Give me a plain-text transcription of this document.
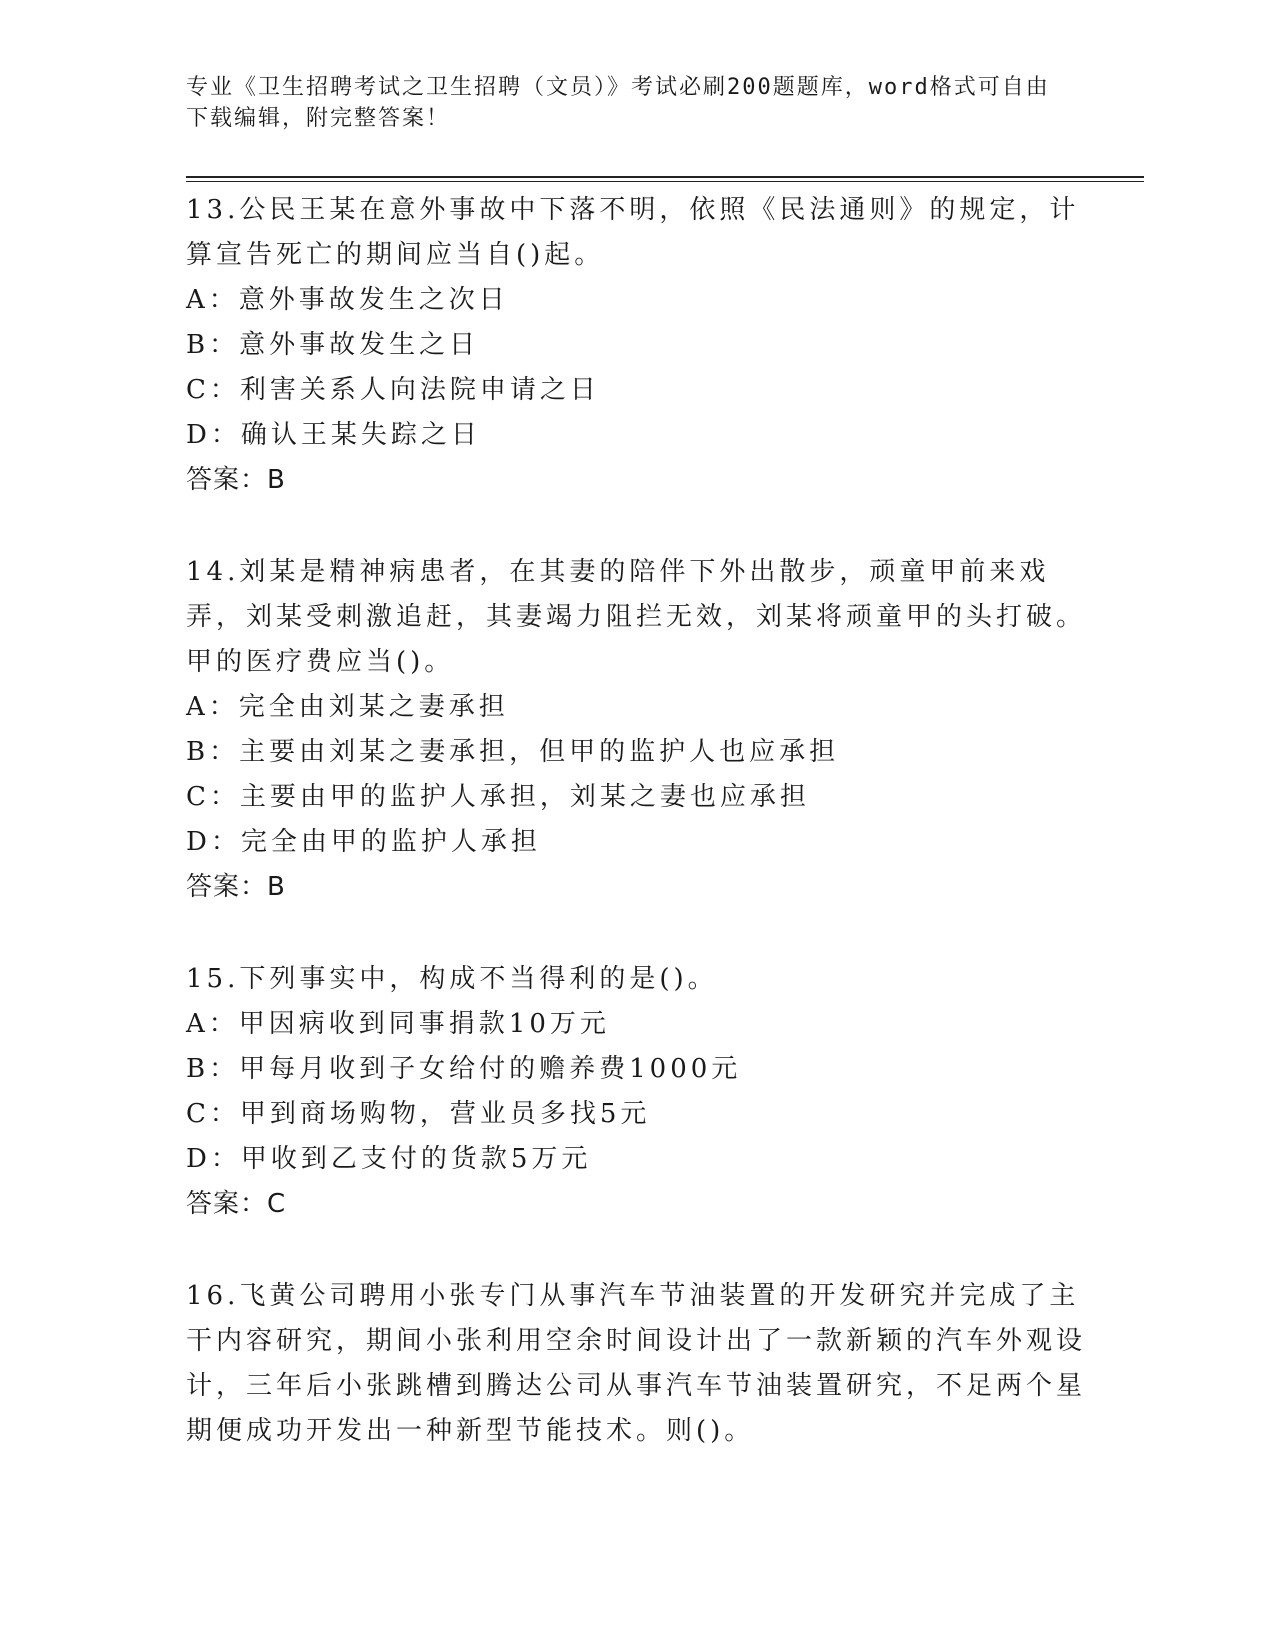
专业《卫生招聘考试之卫生招聘（文员）》考试必刷200题题库，word格式可自由下载编辑，附完整答案！

13.公民王某在意外事故中下落不明，依照《民法通则》的规定，计算宣告死亡的期间应当自()起。

A：意外事故发生之次日

B：意外事故发生之日

C：利害关系人向法院申请之日

D：确认王某失踪之日

答案：B

14.刘某是精神病患者，在其妻的陪伴下外出散步，顽童甲前来戏弄，刘某受刺激追赶，其妻竭力阻拦无效，刘某将顽童甲的头打破。甲的医疗费应当()。

A：完全由刘某之妻承担

B：主要由刘某之妻承担，但甲的监护人也应承担

C：主要由甲的监护人承担，刘某之妻也应承担

D：完全由甲的监护人承担

答案：B

15.下列事实中，构成不当得利的是()。

A：甲因病收到同事捐款10万元

B：甲每月收到子女给付的赡养费1000元

C：甲到商场购物，营业员多找5元

D：甲收到乙支付的货款5万元

答案：C

16.飞黄公司聘用小张专门从事汽车节油装置的开发研究并完成了主干内容研究，期间小张利用空余时间设计出了一款新颖的汽车外观设计，三年后小张跳槽到腾达公司从事汽车节油装置研究，不足两个星期便成功开发出一种新型节能技术。则()。
